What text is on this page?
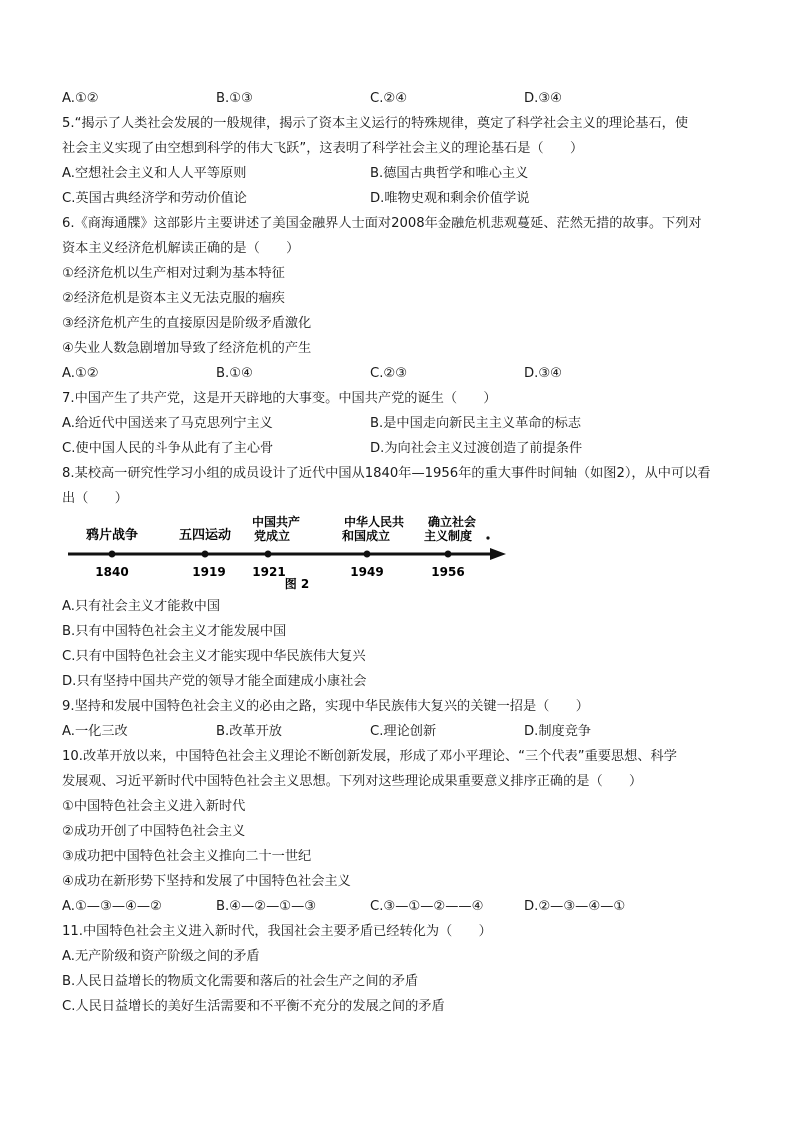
A.①②	B.①③	C.②④	D.③④
5.“揭示了人类社会发展的一般规律，揭示了资本主义运行的特殊规律，奠定了科学社会主义的理论基石，使
社会主义实现了由空想到科学的伟大飞跃”，这表明了科学社会主义的理论基石是（　　）
A.空想社会主义和人人平等原则	B.德国古典哲学和唯心主义
C.英国古典经济学和劳动价值论	D.唯物史观和剩余价值学说
6.《商海通牒》这部影片主要讲述了美国金融界人士面对2008年金融危机悲观蔓延、茫然无措的故事。下列对
资本主义经济危机解读正确的是（　　）
①经济危机以生产相对过剩为基本特征
②经济危机是资本主义无法克服的痼疾
③经济危机产生的直接原因是阶级矛盾激化
④失业人数急剧增加导致了经济危机的产生
A.①②	B.①④	C.②③	D.③④
7.中国产生了共产党，这是开天辟地的大事变。中国共产党的诞生（　　）
A.给近代中国送来了马克思列宁主义	B.是中国走向新民主主义革命的标志
C.使中国人民的斗争从此有了主心骨	D.为向社会主义过渡创造了前提条件
8.某校高一研究性学习小组的成员设计了近代中国从1840年—1956年的重大事件时间轴（如图2），从中可以看
出（　　）
鸦片战争	五四运动
中国共产
党成立
中华人民共
和国成立
确立社会
主义制度
1840	1919 1921	1949	1956
图 2
A.只有社会主义才能救中国
B.只有中国特色社会主义才能发展中国
C.只有中国特色社会主义才能实现中华民族伟大复兴
D.只有坚持中国共产党的领导才能全面建成小康社会
9.坚持和发展中国特色社会主义的必由之路，实现中华民族伟大复兴的关键一招是（　　）
A.一化三改	B.改革开放	C.理论创新	D.制度竞争
10.改革开放以来，中国特色社会主义理论不断创新发展，形成了邓小平理论、“三个代表”重要思想、科学
发展观、习近平新时代中国特色社会主义思想。下列对这些理论成果重要意义排序正确的是（　　）
①中国特色社会主义进入新时代
②成功开创了中国特色社会主义
③成功把中国特色社会主义推向二十一世纪
④成功在新形势下坚持和发展了中国特色社会主义
A.①—③—④—②	B.④—②—①—③	C.③—①—②——④	D.②—③—④—①
11.中国特色社会主义进入新时代，我国社会主要矛盾已经转化为（　　）
A.无产阶级和资产阶级之间的矛盾
B.人民日益增长的物质文化需要和落后的社会生产之间的矛盾
C.人民日益增长的美好生活需要和不平衡不充分的发展之间的矛盾
